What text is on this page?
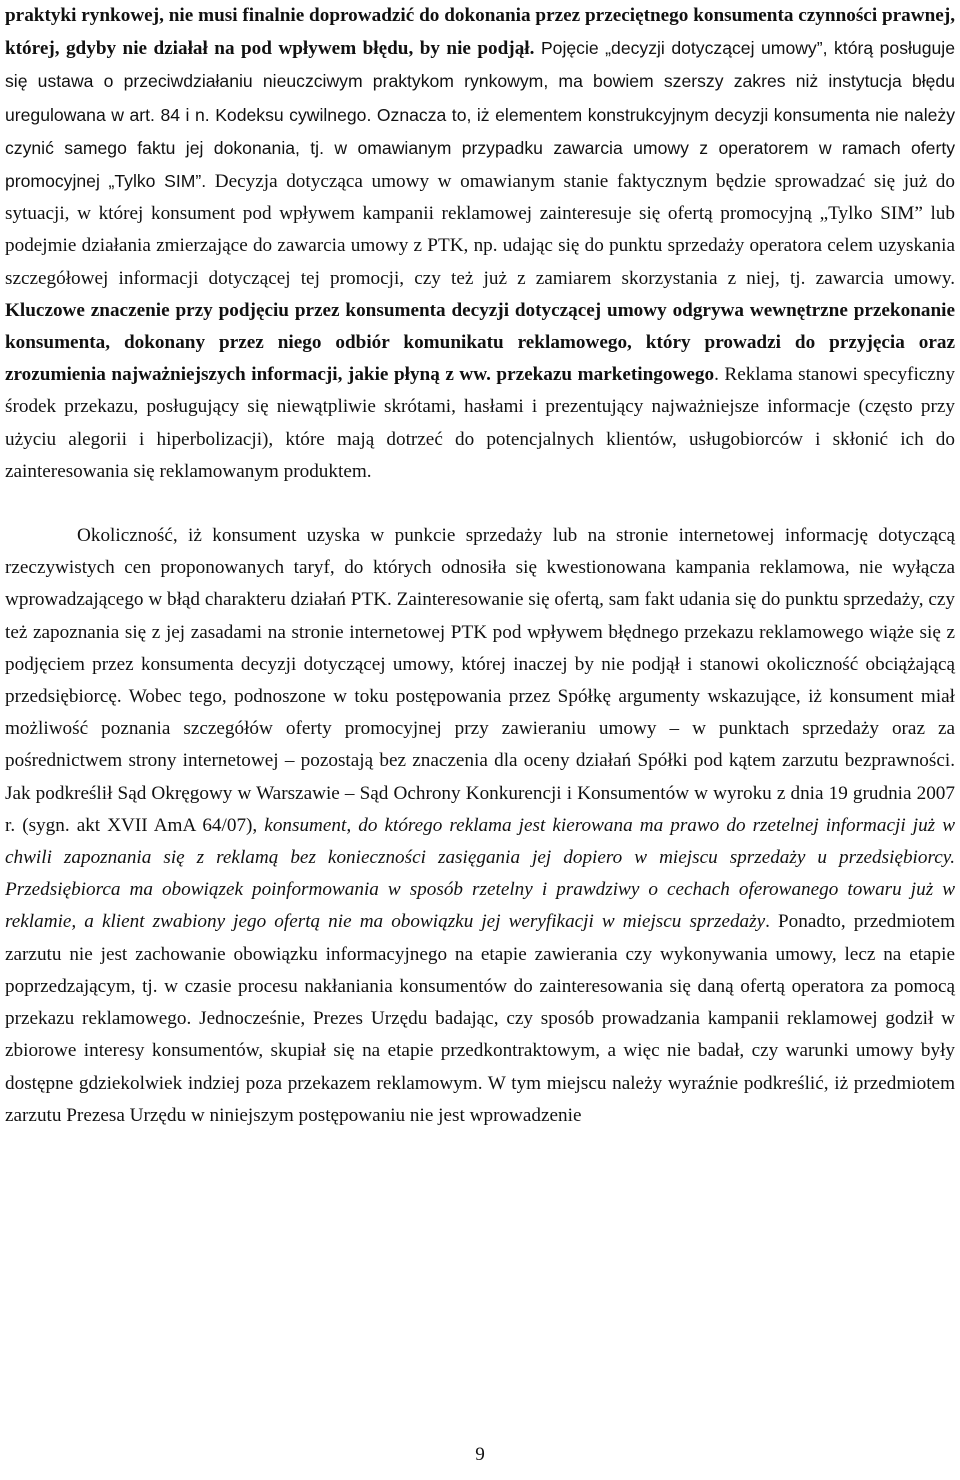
praktyki rynkowej, nie musi finalnie doprowadzić do dokonania przez przeciętnego konsumenta czynności prawnej, której, gdyby nie działał na pod wpływem błędu, by nie podjął. Pojęcie „decyzji dotyczącej umowy”, którą posługuje się ustawa o przeciwdziałaniu nieuczciwym praktykom rynkowym, ma bowiem szerszy zakres niż instytucja błędu uregulowana w art. 84 i n. Kodeksu cywilnego. Oznacza to, iż elementem konstrukcyjnym decyzji konsumenta nie należy czynić samego faktu jej dokonania, tj. w omawianym przypadku zawarcia umowy z operatorem w ramach oferty promocyjnej „Tylko SIM”. Decyzja dotycząca umowy w omawianym stanie faktycznym będzie sprowadzać się już do sytuacji, w której konsument pod wpływem kampanii reklamowej zainteresuje się ofertą promocyjną „Tylko SIM” lub podejmie działania zmierzające do zawarcia umowy z PTK, np. udając się do punktu sprzedaży operatora celem uzyskania szczegółowej informacji dotyczącej tej promocji, czy też już z zamiarem skorzystania z niej, tj. zawarcia umowy. Kluczowe znaczenie przy podjęciu przez konsumenta decyzji dotyczącej umowy odgrywa wewnętrzne przekonanie konsumenta, dokonany przez niego odbiór komunikatu reklamowego, który prowadzi do przyjęcia oraz zrozumienia najważniejszych informacji, jakie płyną z ww. przekazu marketingowego. Reklama stanowi specyficzny środek przekazu, posługujący się niewątpliwie skrótami, hasłami i prezentujący najważniejsze informacje (często przy użyciu alegorii i hiperbolizacji), które mają dotrzeć do potencjalnych klientów, usługobiorców i skłonić ich do zainteresowania się reklamowanym produktem.

Okoliczność, iż konsument uzyska w punkcie sprzedaży lub na stronie internetowej informację dotyczącą rzeczywistych cen proponowanych taryf, do których odnosiła się kwestionowana kampania reklamowa, nie wyłącza wprowadzającego w błąd charakteru działań PTK. Zainteresowanie się ofertą, sam fakt udania się do punktu sprzedaży, czy też zapoznania się z jej zasadami na stronie internetowej PTK pod wpływem błędnego przekazu reklamowego wiąże się z podjęciem przez konsumenta decyzji dotyczącej umowy, której inaczej by nie podjął i stanowi okoliczność obciążającą przedsiębiorcę. Wobec tego, podnoszone w toku postępowania przez Spółkę argumenty wskazujące, iż konsument miał możliwość poznania szczegółów oferty promocyjnej przy zawieraniu umowy – w punktach sprzedaży oraz za pośrednictwem strony internetowej – pozostają bez znaczenia dla oceny działań Spółki pod kątem zarzutu bezprawności. Jak podkreślił Sąd Okręgowy w Warszawie – Sąd Ochrony Konkurencji i Konsumentów w wyroku z dnia 19 grudnia 2007 r. (sygn. akt XVII AmA 64/07), konsument, do którego reklama jest kierowana ma prawo do rzetelnej informacji już w chwili zapoznania się z reklamą bez konieczności zasięgania jej dopiero w miejscu sprzedaży u przedsiębiorcy. Przedsiębiorca ma obowiązek poinformowania w sposób rzetelny i prawdziwy o cechach oferowanego towaru już w reklamie, a klient zwabiony jego ofertą nie ma obowiązku jej weryfikacji w miejscu sprzedaży. Ponadto, przedmiotem zarzutu nie jest zachowanie obowiązku informacyjnego na etapie zawierania czy wykonywania umowy, lecz na etapie poprzedzającym, tj. w czasie procesu nakłaniania konsumentów do zainteresowania się daną ofertą operatora za pomocą przekazu reklamowego. Jednocześnie, Prezes Urzędu badając, czy sposób prowadzania kampanii reklamowej godził w zbiorowe interesy konsumentów, skupiał się na etapie przedkontraktowym, a więc nie badał, czy warunki umowy były dostępne gdziekolwiek indziej poza przekazem reklamowym. W tym miejscu należy wyraźnie podkreślić, iż przedmiotem zarzutu Prezesa Urzędu w niniejszym postępowaniu nie jest wprowadzenie

9
